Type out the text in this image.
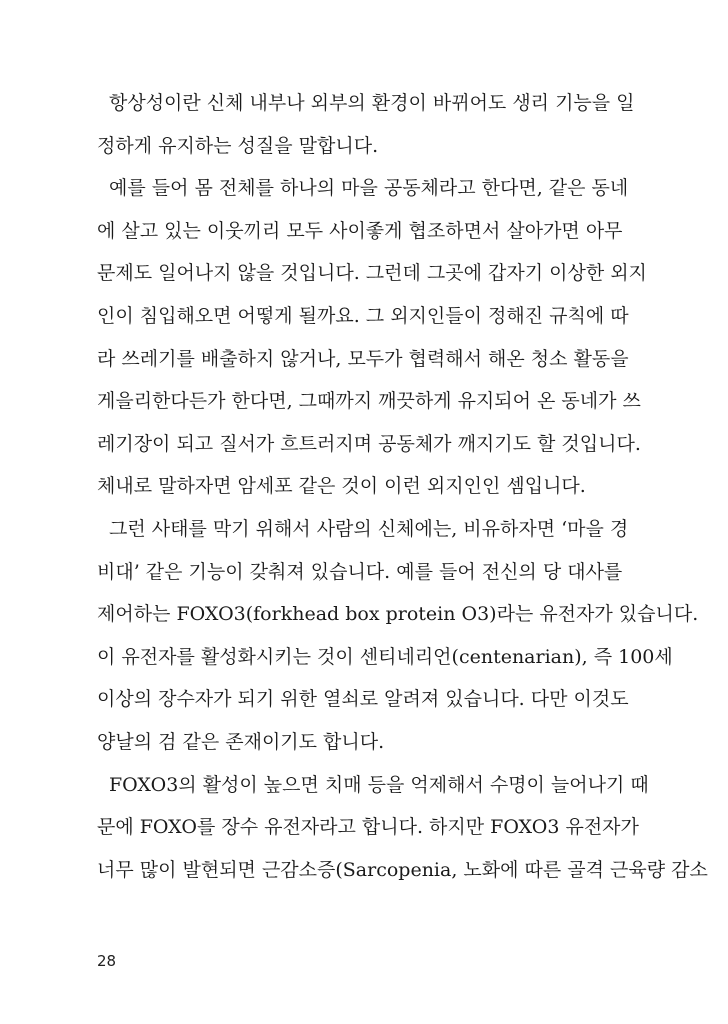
항상성이란 신체 내부나 외부의 환경이 바뀌어도 생리 기능을 일
정하게 유지하는 성질을 말합니다.
예를 들어 몸 전체를 하나의 마을 공동체라고 한다면, 같은 동네
에 살고 있는 이웃끼리 모두 사이좋게 협조하면서 살아가면 아무
문제도 일어나지 않을 것입니다. 그런데 그곳에 갑자기 이상한 외지
인이 침입해오면 어떻게 될까요. 그 외지인들이 정해진 규칙에 따
라 쓰레기를 배출하지 않거나, 모두가 협력해서 해온 청소 활동을
게을리한다든가 한다면, 그때까지 깨끗하게 유지되어 온 동네가 쓰
레기장이 되고 질서가 흐트러지며 공동체가 깨지기도 할 것입니다.
체내로 말하자면 암세포 같은 것이 이런 외지인인 셈입니다.
그런 사태를 막기 위해서 사람의 신체에는, 비유하자면 ‘마을 경
비대’ 같은 기능이 갖춰져 있습니다. 예를 들어 전신의 당 대사를
제어하는 FOXO3(forkhead box protein O3)라는 유전자가 있습니다.
이 유전자를 활성화시키는 것이 센티네리언(centenarian), 즉 100세
이상의 장수자가 되기 위한 열쇠로 알려져 있습니다. 다만 이것도
양날의 검 같은 존재이기도 합니다.
FOXO3의 활성이 높으면 치매 등을 억제해서 수명이 늘어나기 때
문에 FOXO를 장수 유전자라고 합니다. 하지만 FOXO3 유전자가
너무 많이 발현되면 근감소증(Sarcopenia, 노화에 따른 골격 근육량 감소
28
